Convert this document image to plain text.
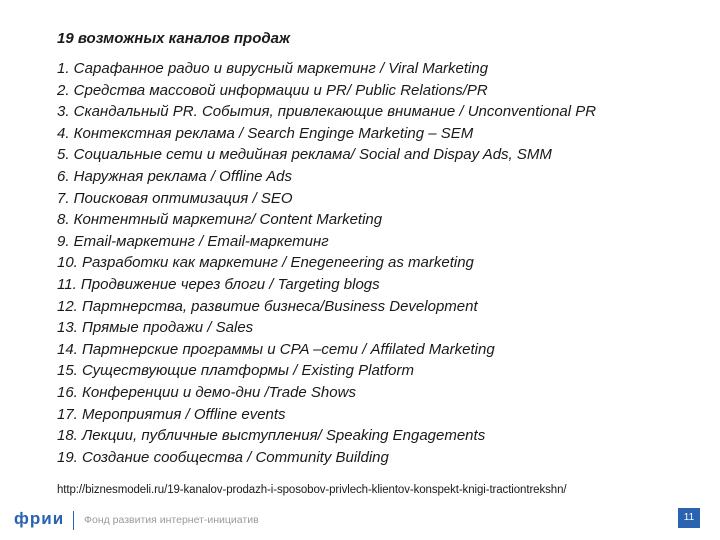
19 возможных каналов продаж
1. Сарафанное радио и вирусный маркетинг / Viral Marketing
2. Средства массовой информации и PR/ Public Relations/PR
3. Скандальный PR. События, привлекающие внимание / Unconventional PR
4. Контекстная реклама / Search Enginge Marketing – SEM
5. Социальные сети и медийная реклама/ Social and Dispay Ads, SMM
6. Наружная реклама / Offline Ads
7. Поисковая оптимизация / SEO
8. Контентный маркетинг/ Content Marketing
9. Email-маркетинг / Email-маркетинг
10. Разработки как маркетинг / Enegeneering as marketing
11. Продвижение через блоги / Targeting blogs
12. Партнерства, развитие бизнеса/Business Development
13. Прямые продажи / Sales
14. Партнерские программы и CPA –сети / Affilated Marketing
15. Существующие платформы / Existing Platform
16. Конференции и демо-дни /Trade Shows
17. Мероприятия / Offline events
18. Лекции, публичные выступления/ Speaking Engagements
19. Создание сообщества / Community Building
http://biznesmodeli.ru/19-kanalov-prodazh-i-sposobov-privlech-klientov-konspekt-knigi-tractiontrekshn/
фрии Фонд развития интернет-инициатив	11
